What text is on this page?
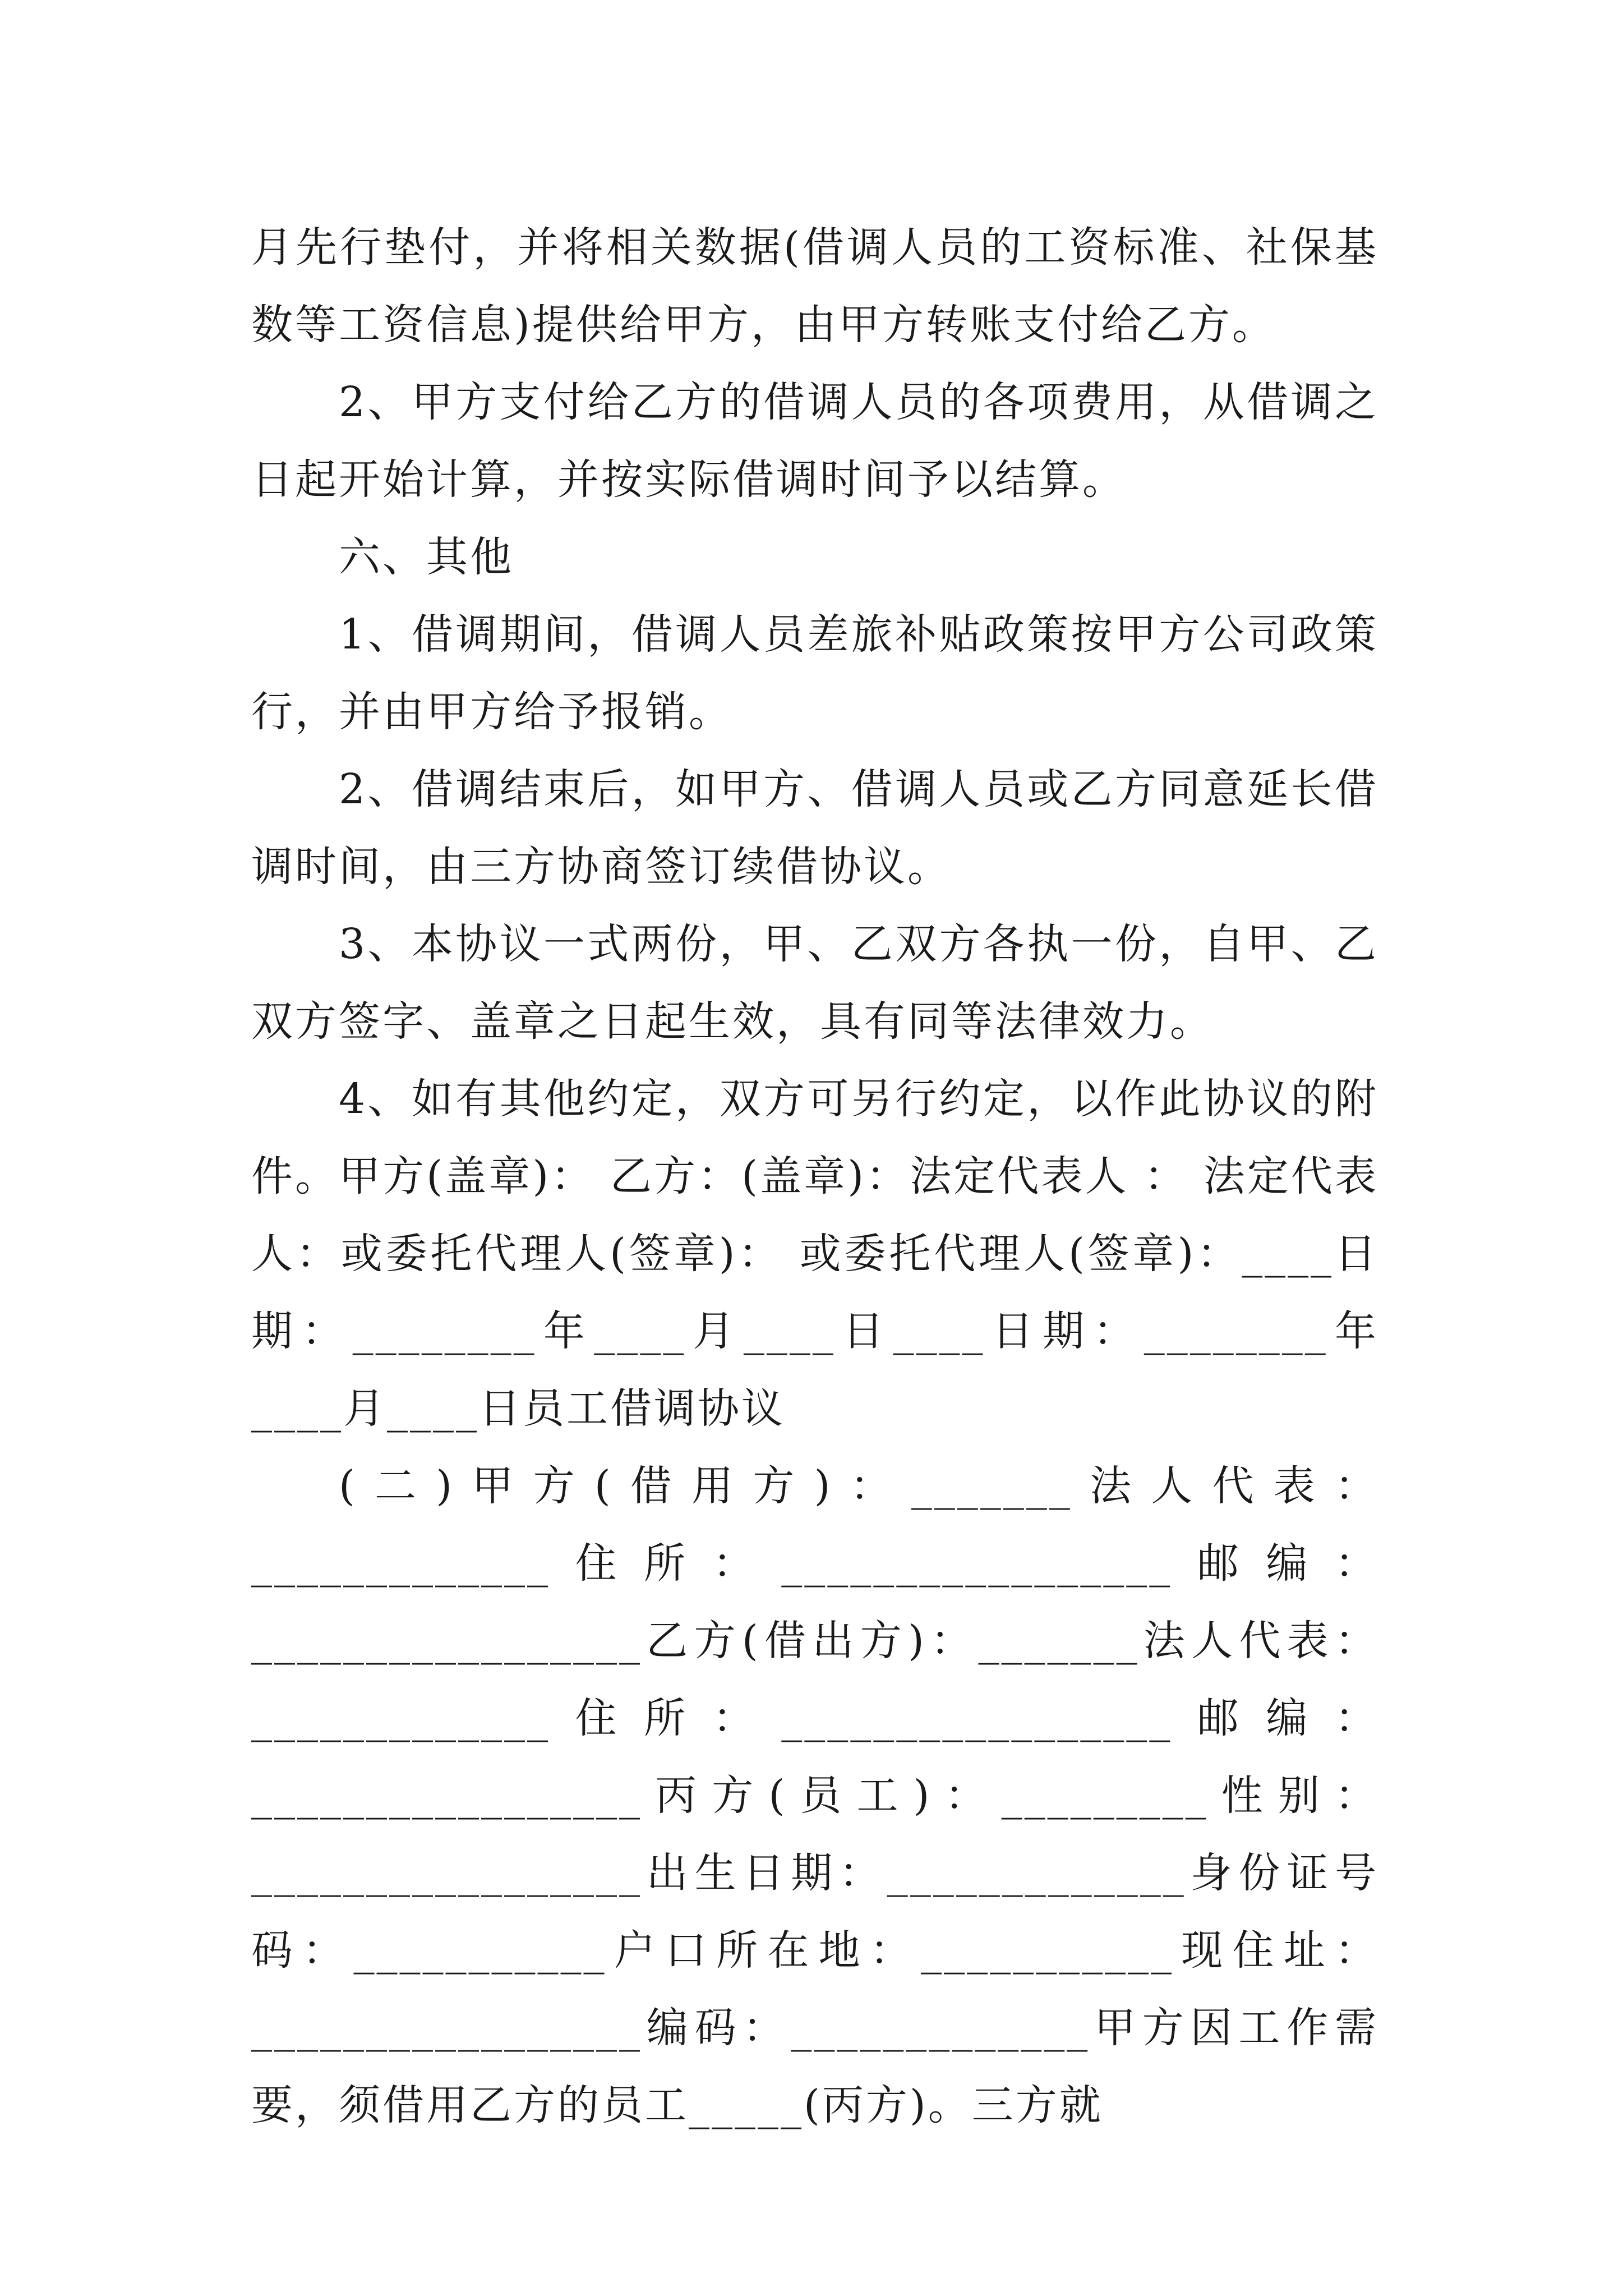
月先行垫付，并将相关数据(借调人员的工资标准、社保基数等工资信息)提供给甲方，由甲方转账支付给乙方。

2、甲方支付给乙方的借调人员的各项费用，从借调之日起开始计算，并按实际借调时间予以结算。

六、其他

1、借调期间，借调人员差旅补贴政策按甲方公司政策行，并由甲方给予报销。

2、借调结束后，如甲方、借调人员或乙方同意延长借调时间，由三方协商签订续借协议。

3、本协议一式两份，甲、乙双方各执一份，自甲、乙双方签字、盖章之日起生效，具有同等法律效力。

4、如有其他约定，双方可另行约定，以作此协议的附件。甲方(盖章)： 乙方：(盖章)：法定代表人 ： 法定代表人：或委托代理人(签章)： 或委托代理人(签章)：____日期：________年____月____日____日期：________年____月____日员工借调协议

(二)甲方(借用方)：_______法人代表：_____________住所：_________________邮编：_________________乙方(借出方)：_______法人代表：_____________住所：_________________邮编：_________________丙方(员工)：_________性别：_________________出生日期：_____________身份证号码：___________户口所在地：___________现住址：_________________编码：_____________甲方因工作需要，须借用乙方的员工_____(丙方)。三方就
